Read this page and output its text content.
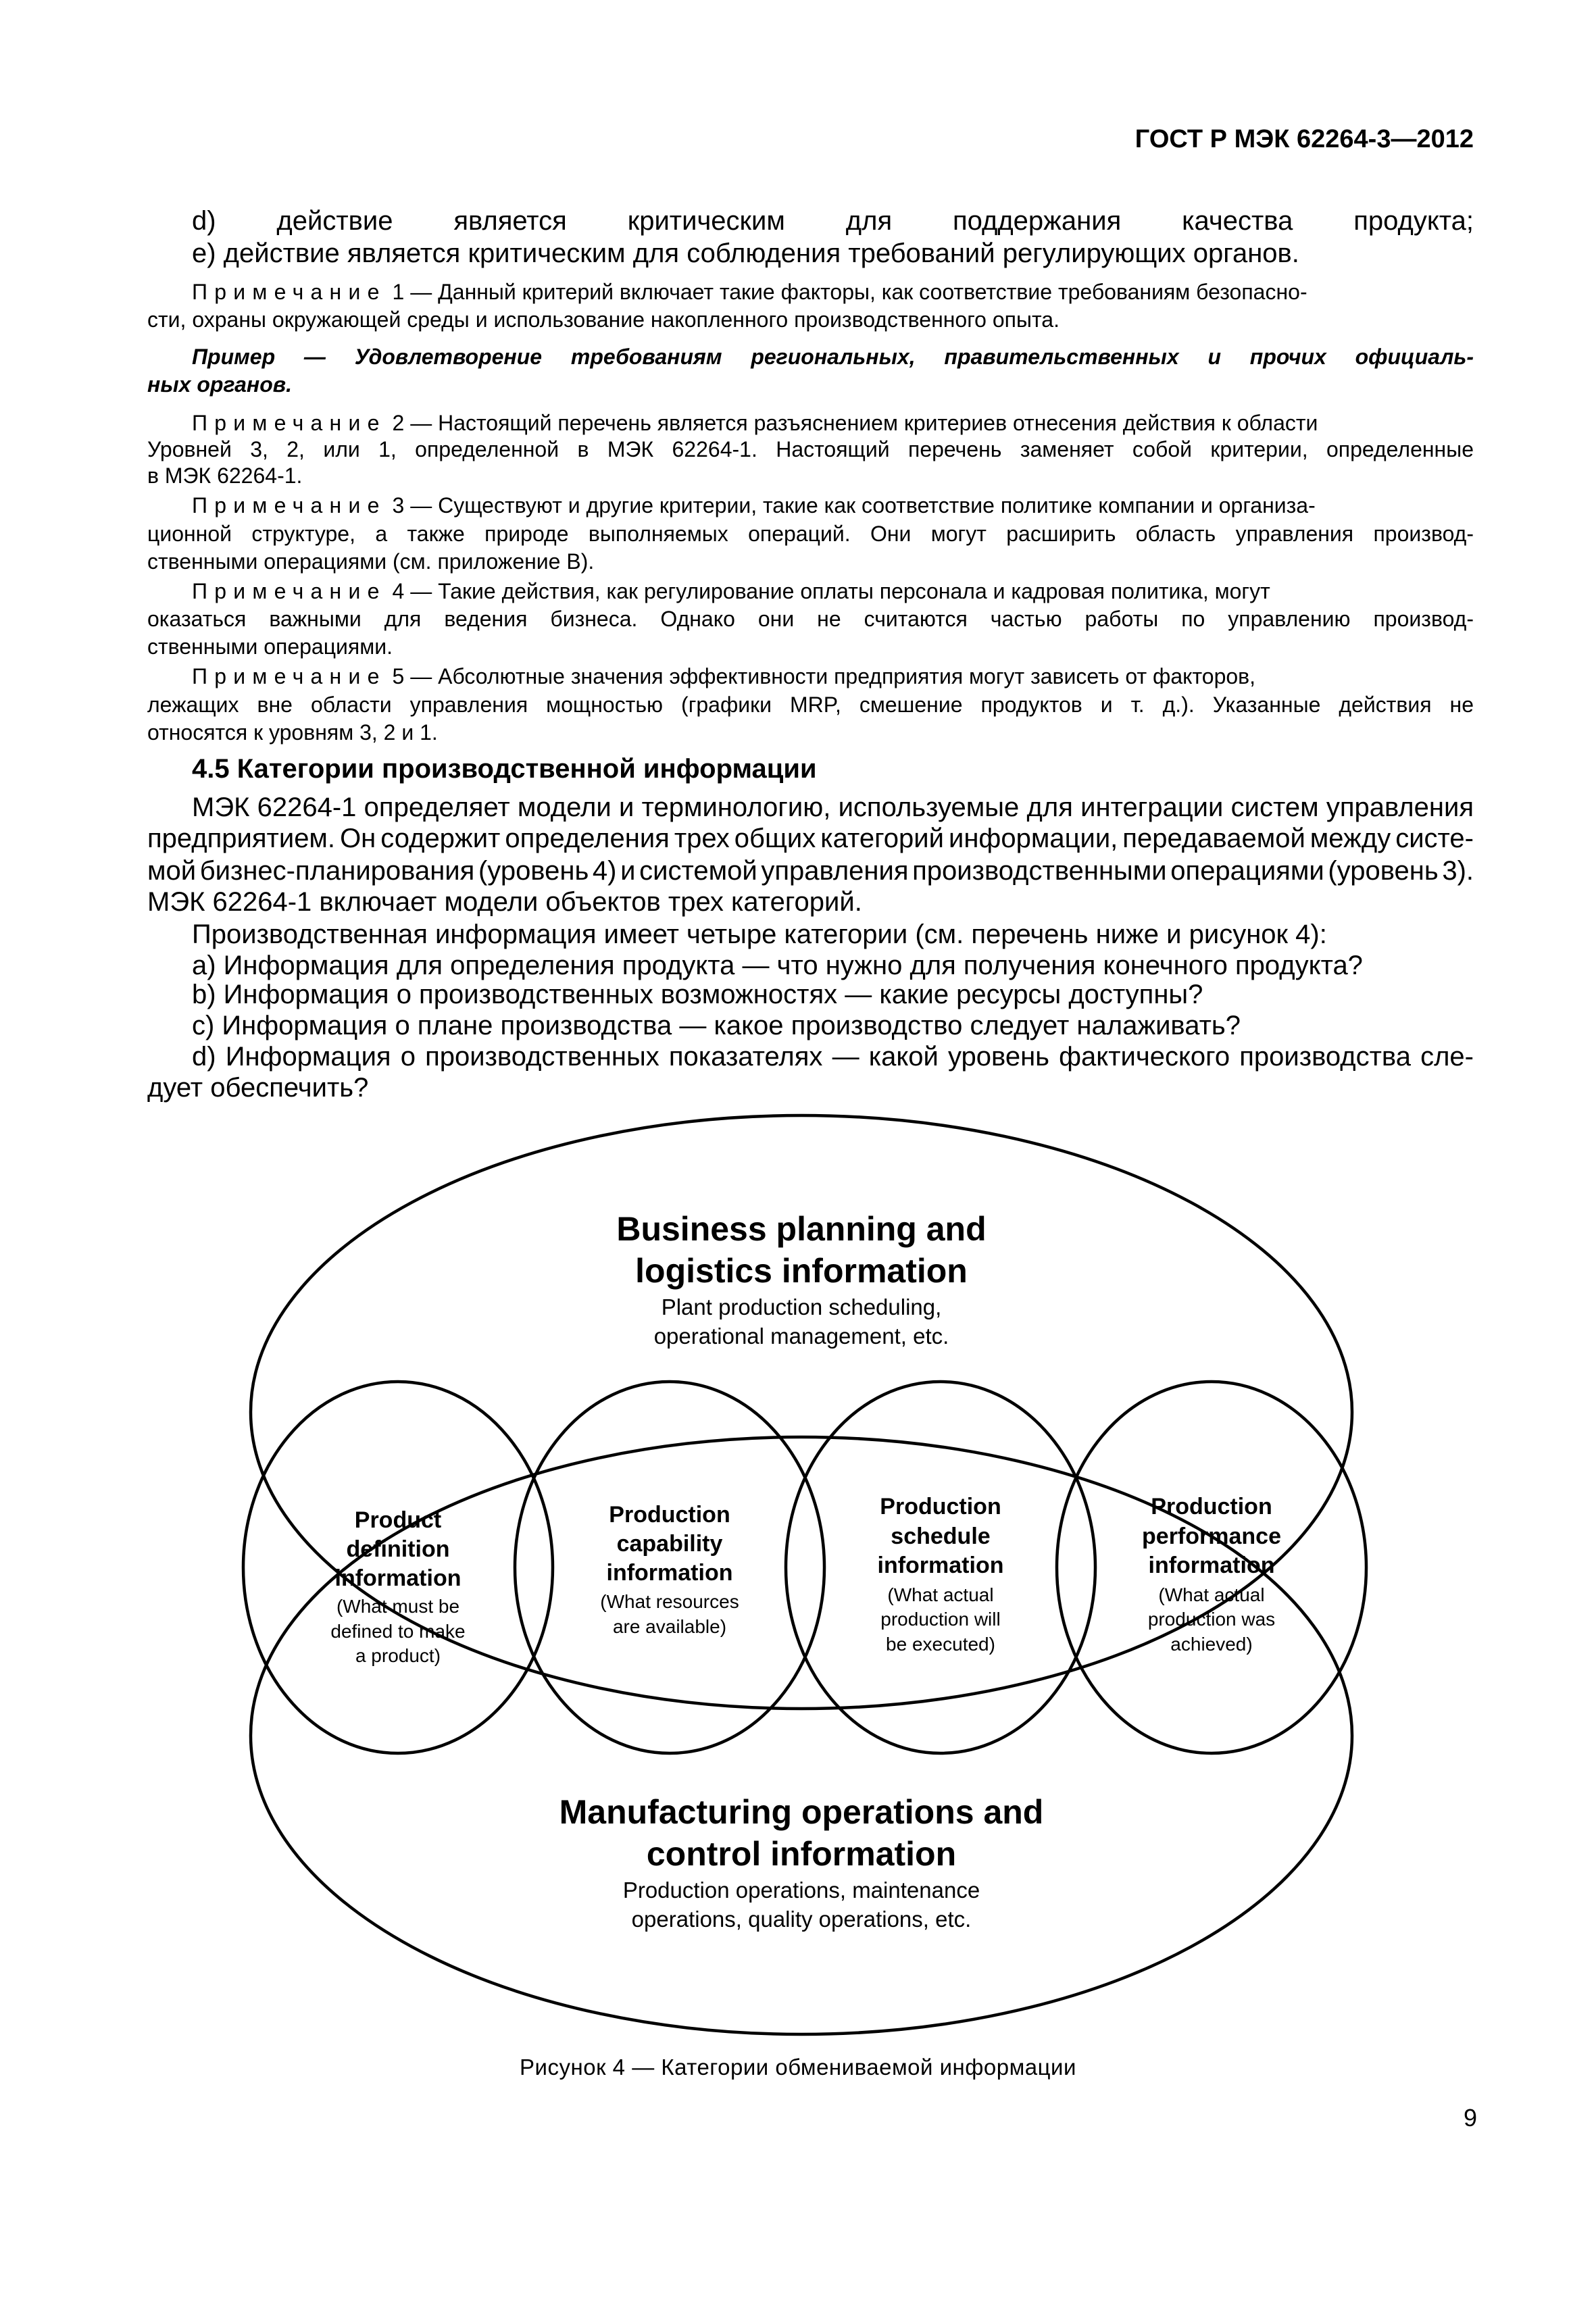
ГОСТ Р МЭК 62264-3—2012
d) действие является критическим для поддержания качества продукта;
e) действие является критическим для соблюдения требований регулирующих органов.
Примечание 1 — Данный критерий включает такие факторы, как соответствие требованиям безопасно-
сти, охраны окружающей среды и использование накопленного производственного опыта.
Пример — Удовлетворение требованиям региональных, правительственных и прочих официаль-
ных органов.
Примечание 2 — Настоящий перечень является разъяснением критериев отнесения действия к области
Уровней 3, 2, или 1, определенной в МЭК 62264-1. Настоящий перечень заменяет собой критерии, определенные
в МЭК 62264-1.
Примечание 3 — Существуют и другие критерии, такие как соответствие политике компании и организа-
ционной структуре, а также природе выполняемых операций. Они могут расширить область управления производ-
ственными операциями (см. приложение B).
Примечание 4 — Такие действия, как регулирование оплаты персонала и кадровая политика, могут
оказаться важными для ведения бизнеса. Однако они не считаются частью работы по управлению производ-
ственными операциями.
Примечание 5 — Абсолютные значения эффективности предприятия могут зависеть от факторов,
лежащих вне области управления мощностью (графики MRP, смешение продуктов и т. д.). Указанные действия не
относятся к уровням 3, 2 и 1.
4.5 Категории производственной информации
МЭК 62264-1 определяет модели и терминологию, используемые для интеграции систем управления
предприятием. Он содержит определения трех общих категорий информации, передаваемой между систе-
мой бизнес-планирования (уровень 4) и системой управления производственными операциями (уровень 3).
МЭК 62264-1 включает модели объектов трех категорий.
Производственная информация имеет четыре категории (см. перечень ниже и рисунок 4):
a) Информация для определения продукта — что нужно для получения конечного продукта?
b) Информация о производственных возможностях — какие ресурсы доступны?
c) Информация о плане производства — какое производство следует налаживать?
d) Информация о производственных показателях — какой уровень фактического производства сле-
дует обеспечить?
Business planning and
logistics information
Plant production scheduling,
operational management, etc.
Product
definition
information
(What must be
defined to make
a product)
Production
capability
information
(What resources
are available)
Production
schedule
information
(What actual
production will
be executed)
Production
performance
information
(What actual
production was
achieved)
Manufacturing operations and
control information
Production operations, maintenance
operations, quality operations, etc.
Рисунок 4 — Категории обмениваемой информации
9
